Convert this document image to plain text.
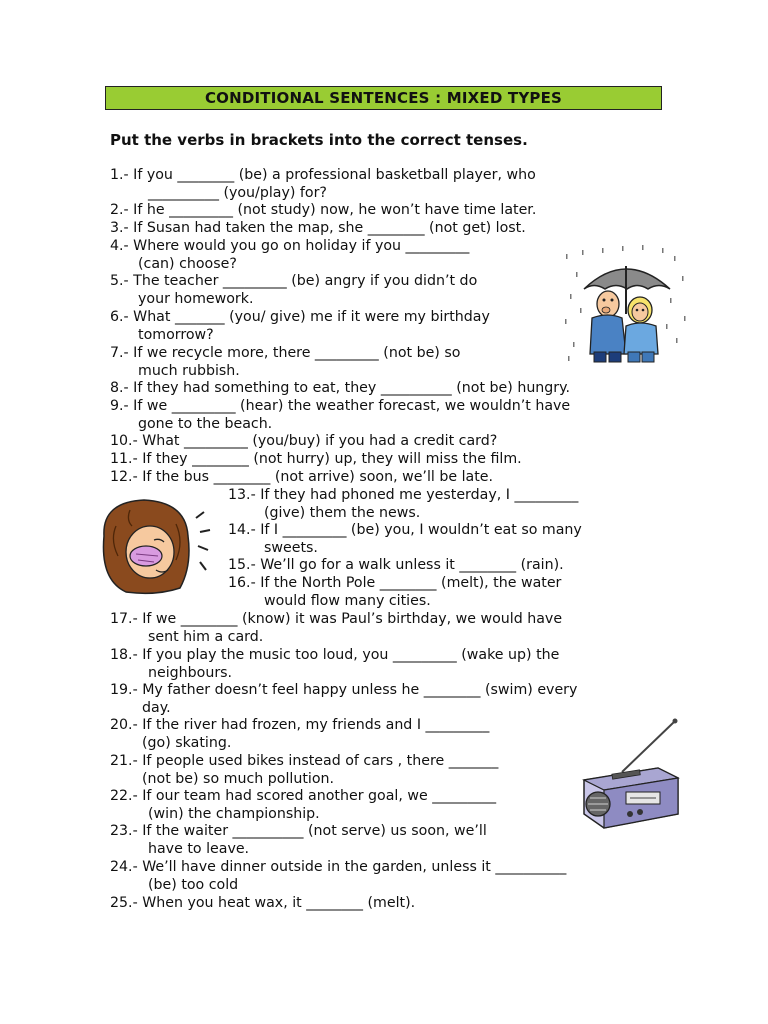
CONDITIONAL SENTENCES : MIXED TYPES
Put the verbs in brackets into the correct tenses.
1.- If you ________ (be) a professional basketball player, who
__________ (you/play) for?
2.- If he _________ (not study) now, he won’t have time later.
3.- If Susan had taken the map, she ________ (not get) lost.
4.- Where would you go on holiday if you _________
(can) choose?
5.- The teacher _________ (be) angry if you didn’t do
your homework.
6.- What _______ (you/ give) me if it were my birthday
tomorrow?
7.- If we recycle more, there _________ (not be) so
much rubbish.
8.- If they had something to eat, they __________ (not be) hungry.
9.- If we _________ (hear) the weather forecast, we wouldn’t have
gone to the beach.
10.- What _________ (you/buy) if you had a credit card?
11.- If they ________ (not hurry) up, they will miss the film.
12.- If the bus ________ (not arrive) soon, we’ll be late.
13.- If they had phoned me yesterday, I _________
(give) them the news.
14.- If I _________ (be) you, I wouldn’t eat so many
sweets.
15.- We’ll go for a walk unless it ________ (rain).
16.- If the North Pole ________ (melt), the water
would flow many cities.
17.- If we ________ (know) it was Paul’s birthday, we would have
sent him a card.
18.- If you play the music too loud, you _________ (wake up) the
neighbours.
19.- My father doesn’t feel happy unless he ________ (swim) every
day.
20.- If the river had frozen, my friends and I _________
(go) skating.
21.- If people used bikes instead of cars , there _______
(not be) so much pollution.
22.- If our team had scored another goal, we _________
(win) the championship.
23.- If the waiter __________ (not serve) us soon, we’ll
have to leave.
24.- We’ll have dinner outside in the garden, unless it __________
(be) too cold
25.- When you heat wax, it ________ (melt).
